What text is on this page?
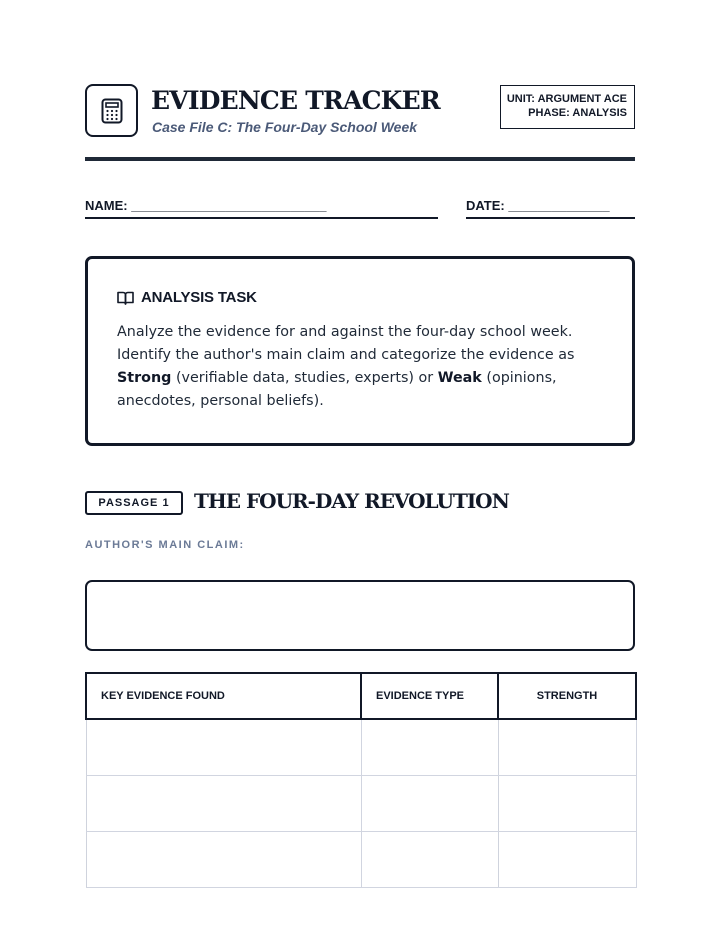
EVIDENCE TRACKER
Case File C: The Four-Day School Week
UNIT: ARGUMENT ACE
PHASE: ANALYSIS
NAME: ___________________________	DATE: ______________
ANALYSIS TASK

Analyze the evidence for and against the four-day school week. Identify the author's main claim and categorize the evidence as Strong (verifiable data, studies, experts) or Weak (opinions, anecdotes, personal beliefs).

PASSAGE 1	THE FOUR-DAY REVOLUTION
AUTHOR'S MAIN CLAIM:
KEY EVIDENCE FOUND	EVIDENCE TYPE	STRENGTH
